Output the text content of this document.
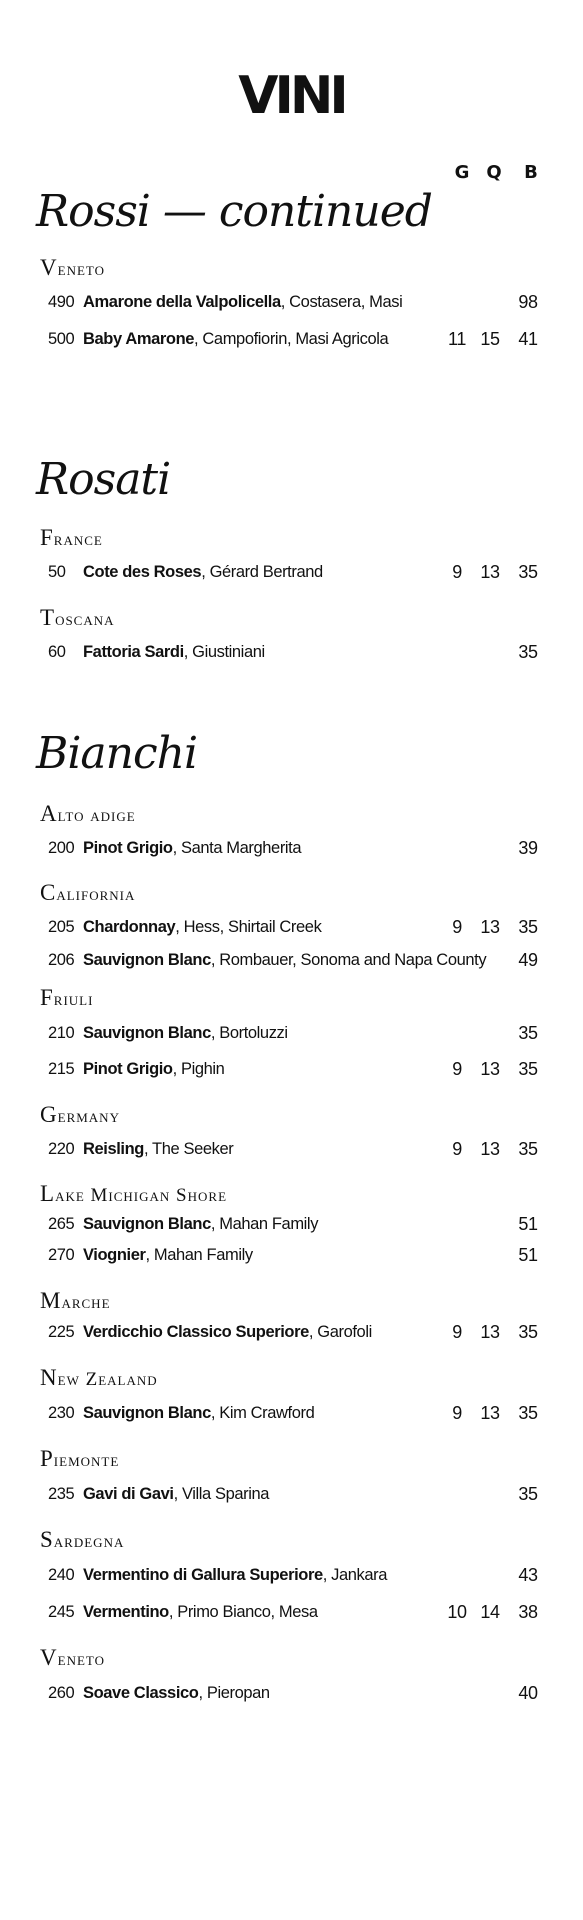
VINI
G Q	B
Rossi — continued
Veneto
490 Amarone della Valpolicella, Costasera, Masi	98
500 Baby Amarone, Campofiorin, Masi Agricola	11 15 41
Rosati
France
50 Cote des Roses, Gérard Bertrand	9	13 35
Toscana
60 Fattoria Sardi, Giustiniani	35
Bianchi
Alto adige
200 Pinot Grigio, Santa Margherita	39
California
205 Chardonnay, Hess, Shirtail Creek	9	13 35
206 Sauvignon Blanc, Rombauer, Sonoma and Napa County 49
Friuli
210 Sauvignon Blanc, Bortoluzzi	35
215 Pinot Grigio, Pighin	9	13 35
Germany
220 Reisling, The Seeker	9	13 35
Lake Michigan Shore
265 Sauvignon Blanc, Mahan Family	51
270 Viognier, Mahan Family	51
Marche
225 Verdicchio Classico Superiore, Garofoli	9	13 35
New Zealand
230 Sauvignon Blanc, Kim Crawford	9	13 35
Piemonte
235 Gavi di Gavi, Villa Sparina	35
Sardegna
240 Vermentino di Gallura Superiore, Jankara	43
245 Vermentino, Primo Bianco, Mesa	10 14 38
Veneto
260 Soave Classico, Pieropan	40
